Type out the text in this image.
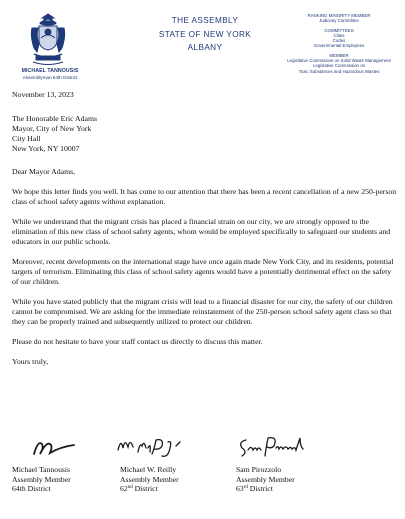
MICHAEL TANNOUSIS
Assemblyman 64th District
THE ASSEMBLY
STATE OF NEW YORK
ALBANY
RANKING MINORITY MEMBER
Judiciary Committee
COMMITTEES
Cities
Codes
Governmental Employees
MEMBER
Legislative Commission on Solid Waste Management
Legislative Commission on
Toxic Substances and Hazardous Wastes

November 13, 2023

The Honorable Eric Adams

Mayor, City of New York

City Hall

New York, NY 10007

Dear Mayor Adams,

We hope this letter finds you well. It has come to our attention that there has been a recent cancellation of a new 250-person class of school safety agents without explanation.

While we understand that the migrant crisis has placed a financial strain on our city, we are strongly opposed to the elimination of this new class of school safety agents, whom would be employed specifically to safeguard our students and educators in our public schools.

Moreover, recent developments on the international stage have once again made New York City, and its residents, potential targets of terrorism. Eliminating this class of school safety agents would have a potentially detrimental effect on the safety of our children.

While you have stated publicly that the migrant crisis will lead to a financial disaster for our city, the safety of our children cannot be compromised. We are asking for the immediate reinstatement of the 250-person school safety agent class so that they can be properly trained and subsequently utilized to protect our children.

Please do not hesitate to have your staff contact us directly to discuss this matter.

Yours truly,

Michael Tannousis
Assembly Member
64th District
Michael W. Reilly
Assembly Member
62nd District
Sam Pirozzolo
Assembly Member
63rd District
